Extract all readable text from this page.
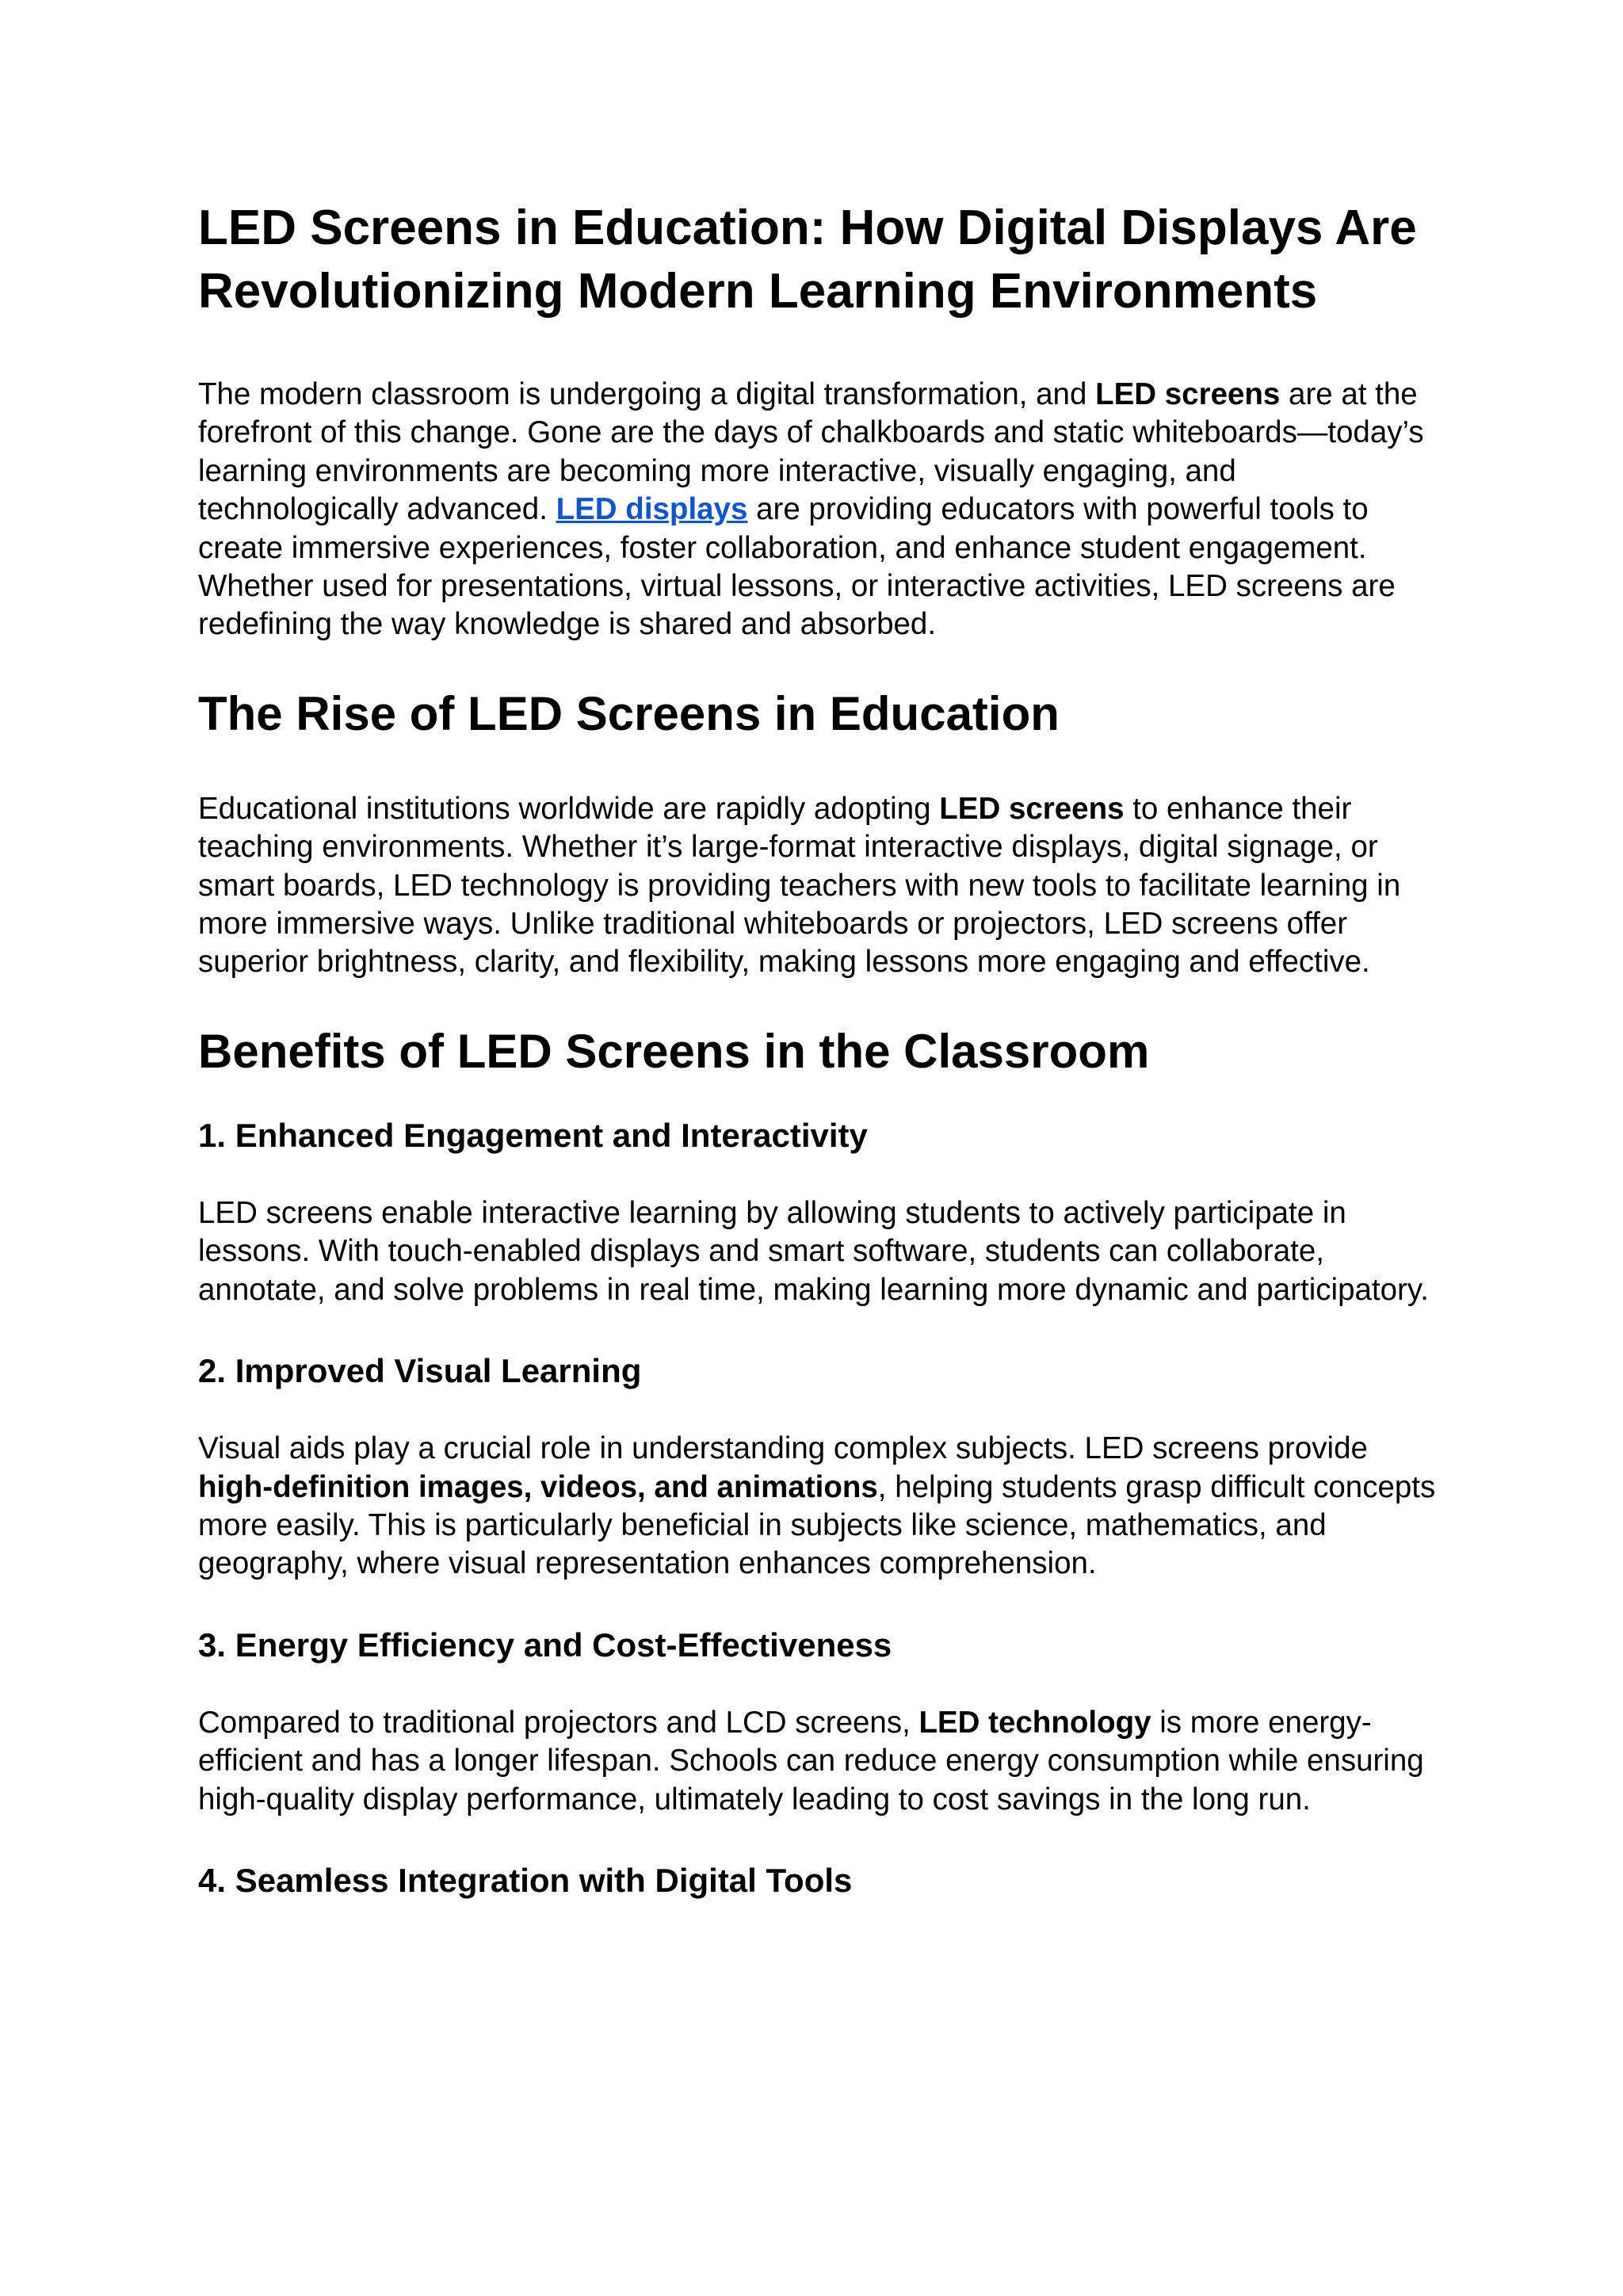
LED Screens in Education: How Digital Displays Are Revolutionizing Modern Learning Environments

The modern classroom is undergoing a digital transformation, and LED screens are at the forefront of this change. Gone are the days of chalkboards and static whiteboards—today’s learning environments are becoming more interactive, visually engaging, and technologically advanced. LED displays are providing educators with powerful tools to create immersive experiences, foster collaboration, and enhance student engagement. Whether used for presentations, virtual lessons, or interactive activities, LED screens are redefining the way knowledge is shared and absorbed.

The Rise of LED Screens in Education

Educational institutions worldwide are rapidly adopting LED screens to enhance their teaching environments. Whether it’s large-format interactive displays, digital signage, or smart boards, LED technology is providing teachers with new tools to facilitate learning in more immersive ways. Unlike traditional whiteboards or projectors, LED screens offer superior brightness, clarity, and flexibility, making lessons more engaging and effective.

Benefits of LED Screens in the Classroom
1. Enhanced Engagement and Interactivity

LED screens enable interactive learning by allowing students to actively participate in lessons. With touch-enabled displays and smart software, students can collaborate, annotate, and solve problems in real time, making learning more dynamic and participatory.

2. Improved Visual Learning

Visual aids play a crucial role in understanding complex subjects. LED screens provide high-definition images, videos, and animations, helping students grasp difficult concepts more easily. This is particularly beneficial in subjects like science, mathematics, and geography, where visual representation enhances comprehension.

3. Energy Efficiency and Cost-Effectiveness

Compared to traditional projectors and LCD screens, LED technology is more energy-efficient and has a longer lifespan. Schools can reduce energy consumption while ensuring high-quality display performance, ultimately leading to cost savings in the long run.

4. Seamless Integration with Digital Tools
